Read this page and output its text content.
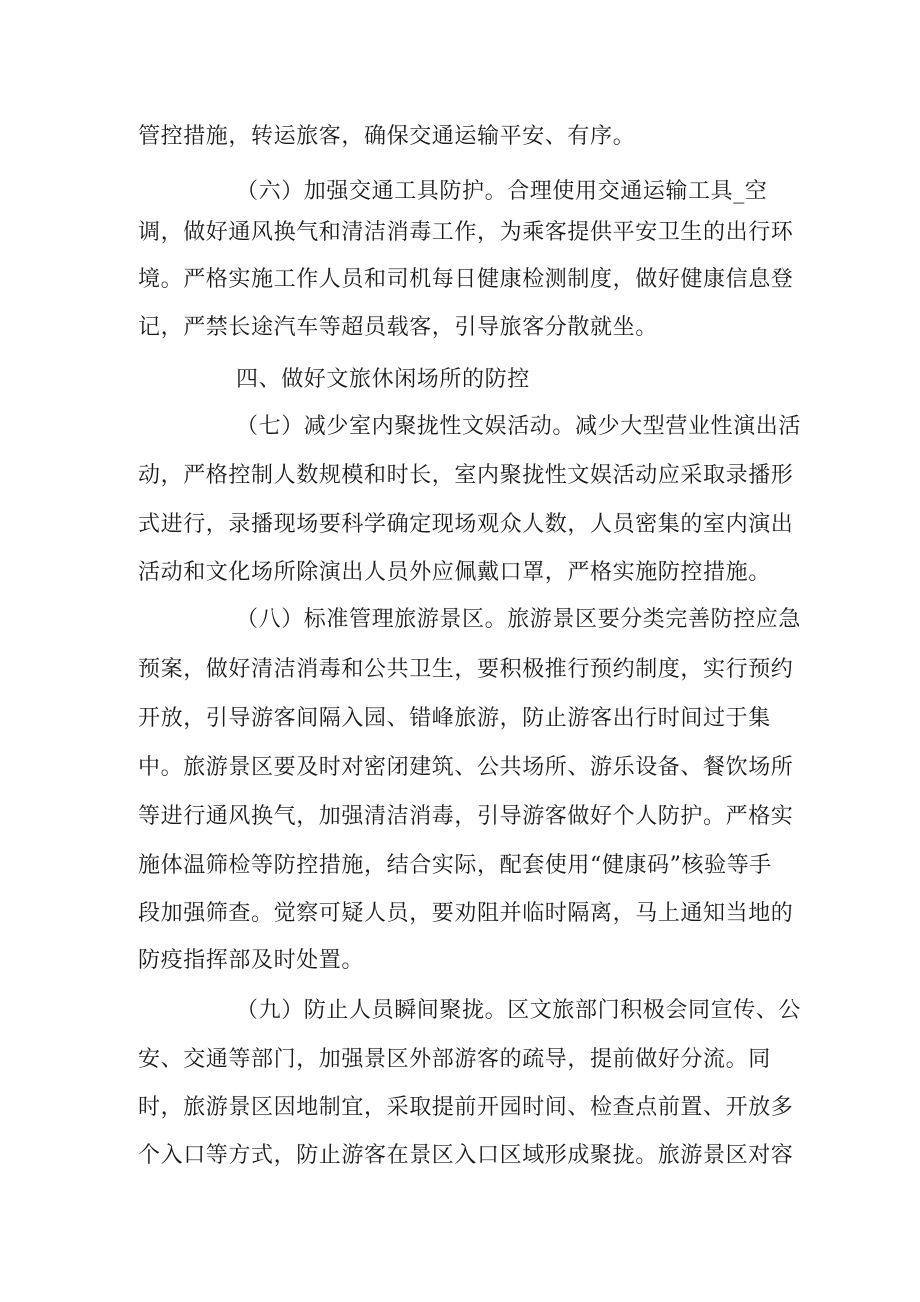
管控措施，转运旅客，确保交通运输平安、有序。
（六）加强交通工具防护。合理使用交通运输工具_空
调，做好通风换气和清洁消毒工作，为乘客提供平安卫生的出行环
境。严格实施工作人员和司机每日健康检测制度，做好健康信息登
记，严禁长途汽车等超员载客，引导旅客分散就坐。
四、做好文旅休闲场所的防控
（七）减少室内聚拢性文娱活动。减少大型营业性演出活
动，严格控制人数规模和时长，室内聚拢性文娱活动应采取录播形
式进行，录播现场要科学确定现场观众人数，人员密集的室内演出
活动和文化场所除演出人员外应佩戴口罩，严格实施防控措施。
（八）标准管理旅游景区。旅游景区要分类完善防控应急
预案，做好清洁消毒和公共卫生，要积极推行预约制度，实行预约
开放，引导游客间隔入园、错峰旅游，防止游客出行时间过于集
中。旅游景区要及时对密闭建筑、公共场所、游乐设备、餐饮场所
等进行通风换气，加强清洁消毒，引导游客做好个人防护。严格实
施体温筛检等防控措施，结合实际，配套使用“健康码”核验等手
段加强筛查。觉察可疑人员，要劝阻并临时隔离，马上通知当地的
防疫指挥部及时处置。
（九）防止人员瞬间聚拢。区文旅部门积极会同宣传、公
安、交通等部门，加强景区外部游客的疏导，提前做好分流。同
时，旅游景区因地制宜，采取提前开园时间、检查点前置、开放多
个入口等方式，防止游客在景区入口区域形成聚拢。旅游景区对容
